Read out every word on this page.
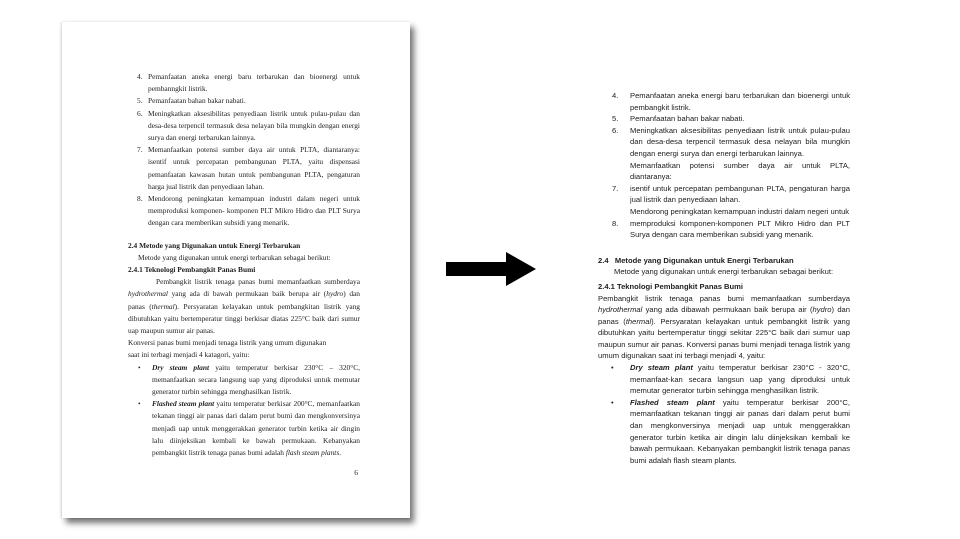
4. Pemanfaatan aneka energi baru terbarukan dan bioenergi untuk pembanngkit listrik.
5. Pemanfaatan bahan bakar nabati.
6. Meningkatkan aksesibilitas penyediaan listrik untuk pulau-pulau dan desa-desa terpencil termasuk desa nelayan bila mungkin dengan energi surya dan energi terbarukan lainnya.
7. Memanfaatkan potensi sumber daya air untuk PLTA, diantaranya: isentif untuk percepatan pembangunan PLTA, yaitu dispensasi pemanfaatan kawasan hutan untuk pembangunan PLTA, pengaturan harga jual listrik dan penyediaan lahan.
8. Mendorong peningkatan kemampuan industri dalam negeri untuk memproduksi komponen- komponen PLT Mikro Hidro dan PLT Surya dengan cara memberikan subsidi yang menarik.
2.4 Metode yang Digunakan untuk Energi Terbarukan
Metode yang digunakan untuk energi terbarukan sebagai berikut:
2.4.1 Teknologi Pembangkit Panas Bumi
Pembangkit listrik tenaga panas bumi memanfaatkan sumberdaya hydrothermal yang ada di bawah permukaan baik berupa air (hydro) dan panas (thermal). Persyaratan kelayakan untuk pembangkitan listrik yang dibutuhkan yaitu bertemperatur tinggi berkisar diatas 225°C baik dari sumur uap maupun sumur air panas.
Konversi panas bumi menjadi tenaga listrik yang umum digunakan
saat ini terbagi menjadi 4 katagori, yaitu:
•	Dry steam plant yaitu temperatur berkisar 230°C – 320°C, memanfaatkan secara langsung uap yang diproduksi untuk memutar generator turbin sehingga menghasilkan listrik.
•	Flashed steam plant yaitu temperatur berkisar 200°C, memanfaatkan tekanan tinggi air panas dari dalam perut bumi dan mengkonversinya menjadi uap untuk menggerakkan generator turbin ketika air dingin lalu diinjeksikan kembali ke bawah permukaan. Kebanyakan pembangkit listrik tenaga panas bumi adalah flash steam plants.
6
4.	Pemanfaatan aneka energi baru terbarukan dan bioenergi untuk pembangkit listrik.
5.	Pemanfaatan bahan bakar nabati.
6.	Meningkatkan aksesibilitas penyediaan listrik untuk pulau-pulau dan desa-desa terpencil termasuk desa nelayan bila mungkin dengan energi surya dan energi terbarukan lainnya.
Memanfaatkan potensi sumber daya air untuk PLTA, diantaranya:
7.	isentif untuk percepatan pembangunan PLTA, pengaturan harga jual listrik dan penyediaan lahan.
Mendorong peningkatan kemampuan industri dalam negeri untuk
8.	memproduksi komponen-komponen PLT Mikro Hidro dan PLT Surya dengan cara memberikan subsidi yang menarik.
2.4   Metode yang Digunakan untuk Energi Terbarukan
Metode yang digunakan untuk energi terbarukan sebagai berikut:
2.4.1 Teknologi Pembangkit Panas Bumi
Pembangkit listrik tenaga panas bumi memanfaatkan sumberdaya hydrothermal yang ada dibawah permukaan baik berupa air (hydro) dan panas (thermal). Persyaratan kelayakan untuk pembangkit listrik yang dibutuhkan yaitu bertemperatur tinggi sekitar 225°C baik dari sumur uap maupun sumur air panas. Konversi panas bumi menjadi tenaga listrik yang umum digunakan saat ini terbagi menjadi 4, yaitu:
•	Dry steam plant yaitu temperatur berkisar 230°C - 320°C, memanfaat-kan secara langsun uap yang diproduksi untuk memutar generator turbin sehingga menghasilkan listrik.
•	Flashed steam plant yaitu temperatur berkisar 200°C, memanfaatkan tekanan tinggi air panas dari dalam perut bumi dan mengkonversinya menjadi uap untuk menggerakkan generator turbin ketika air dingin lalu diinjeksikan kembali ke bawah permukaan. Kebanyakan pembangkit listrik tenaga panas bumi adalah flash steam plants.
